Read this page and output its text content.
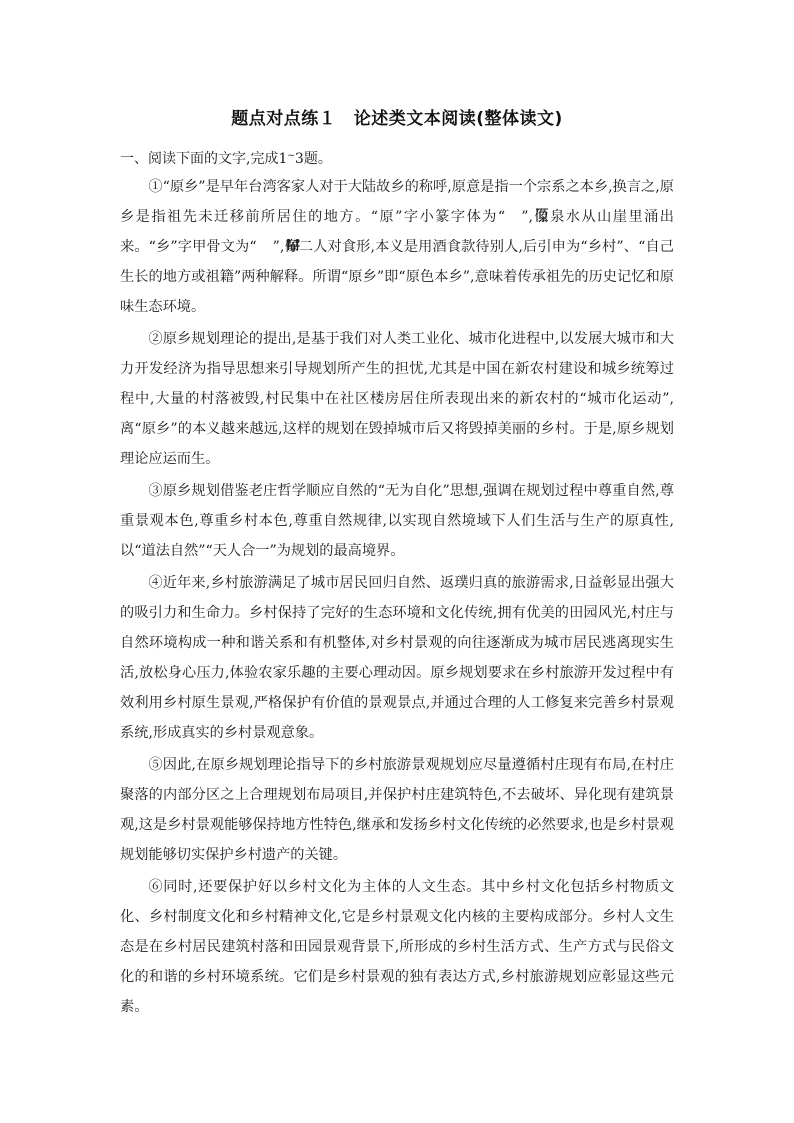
题点对点练１　论述类文本阅读(整体读文)
一、阅读下面的文字,完成1~3题。

①“原乡”是早年台湾客家人对于大陆故乡的称呼,原意是指一个宗系之本乡,换言之,原乡是指祖先未迁移前所居住的地方。“原”字小篆字体为“ ”,像泉水从山崖里涌出来。“乡”字甲骨文为“ ”,像二人对食形,本义是用酒食款待别人,后引申为“乡村”、“自己生长的地方或祖籍”两种解释。所谓“原乡”即“原色本乡”,意味着传承祖先的历史记忆和原味生态环境。

②原乡规划理论的提出,是基于我们对人类工业化、城市化进程中,以发展大城市和大力开发经济为指导思想来引导规划所产生的担忧,尤其是中国在新农村建设和城乡统筹过程中,大量的村落被毁,村民集中在社区楼房居住所表现出来的新农村的“城市化运动”,离“原乡”的本义越来越远,这样的规划在毁掉城市后又将毁掉美丽的乡村。于是,原乡规划理论应运而生。

③原乡规划借鉴老庄哲学顺应自然的“无为自化”思想,强调在规划过程中尊重自然,尊重景观本色,尊重乡村本色,尊重自然规律,以实现自然境域下人们生活与生产的原真性,以“道法自然”“天人合一”为规划的最高境界。

④近年来,乡村旅游满足了城市居民回归自然、返璞归真的旅游需求,日益彰显出强大的吸引力和生命力。乡村保持了完好的生态环境和文化传统,拥有优美的田园风光,村庄与自然环境构成一种和谐关系和有机整体,对乡村景观的向往逐渐成为城市居民逃离现实生活,放松身心压力,体验农家乐趣的主要心理动因。原乡规划要求在乡村旅游开发过程中有效利用乡村原生景观,严格保护有价值的景观景点,并通过合理的人工修复来完善乡村景观系统,形成真实的乡村景观意象。

⑤因此,在原乡规划理论指导下的乡村旅游景观规划应尽量遵循村庄现有布局,在村庄聚落的内部分区之上合理规划布局项目,并保护村庄建筑特色,不去破坏、异化现有建筑景观,这是乡村景观能够保持地方性特色,继承和发扬乡村文化传统的必然要求,也是乡村景观规划能够切实保护乡村遗产的关键。

⑥同时,还要保护好以乡村文化为主体的人文生态。其中乡村文化包括乡村物质文化、乡村制度文化和乡村精神文化,它是乡村景观文化内核的主要构成部分。乡村人文生态是在乡村居民建筑村落和田园景观背景下,所形成的乡村生活方式、生产方式与民俗文化的和谐的乡村环境系统。它们是乡村景观的独有表达方式,乡村旅游规划应彰显这些元素。
